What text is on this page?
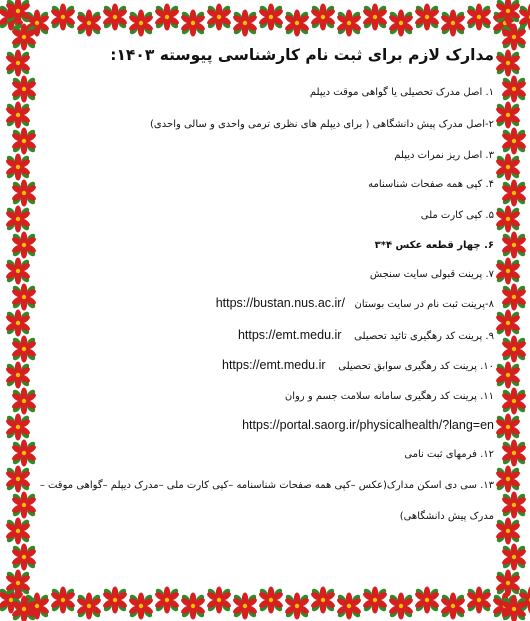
مدارک لازم برای ثبت نام کارشناسی پیوسته ۱۴۰۳:
۱. اصل مدرک تحصیلی یا گواهی موقت دیپلم
۲-اصل مدرک پیش دانشگاهی ( برای دیپلم های نظری ترمی واحدی و سالی واحدی)
۳. اصل ریز نمرات دیپلم
۴. کپی همه صفحات شناسنامه
۵. کپی کارت ملی
۶. چهار قطعه عکس ۴*۳
۷. پرینت قبولی سایت سنجش
۸-پرینت ثبت نام در سایت بوستان   https://bustan.nus.ac.ir/
۹. پرینت کد رهگیری تائید تحصیلی    https://emt.medu.ir
۱۰. پرینت کد رهگیری سوابق تحصیلی    https://emt.medu.ir
۱۱. پرینت کد رهگیری سامانه سلامت جسم و روان
https://portal.saorg.ir/physicalhealth/?lang=en
۱۲. فرمهای ثبت نامی
۱۳. سی دی اسکن مدارک(عکس –کپی همه صفحات شناسنامه –کپی کارت ملی –مدرک دیپلم –گواهی موقت –
مدرک پیش دانشگاهی)
